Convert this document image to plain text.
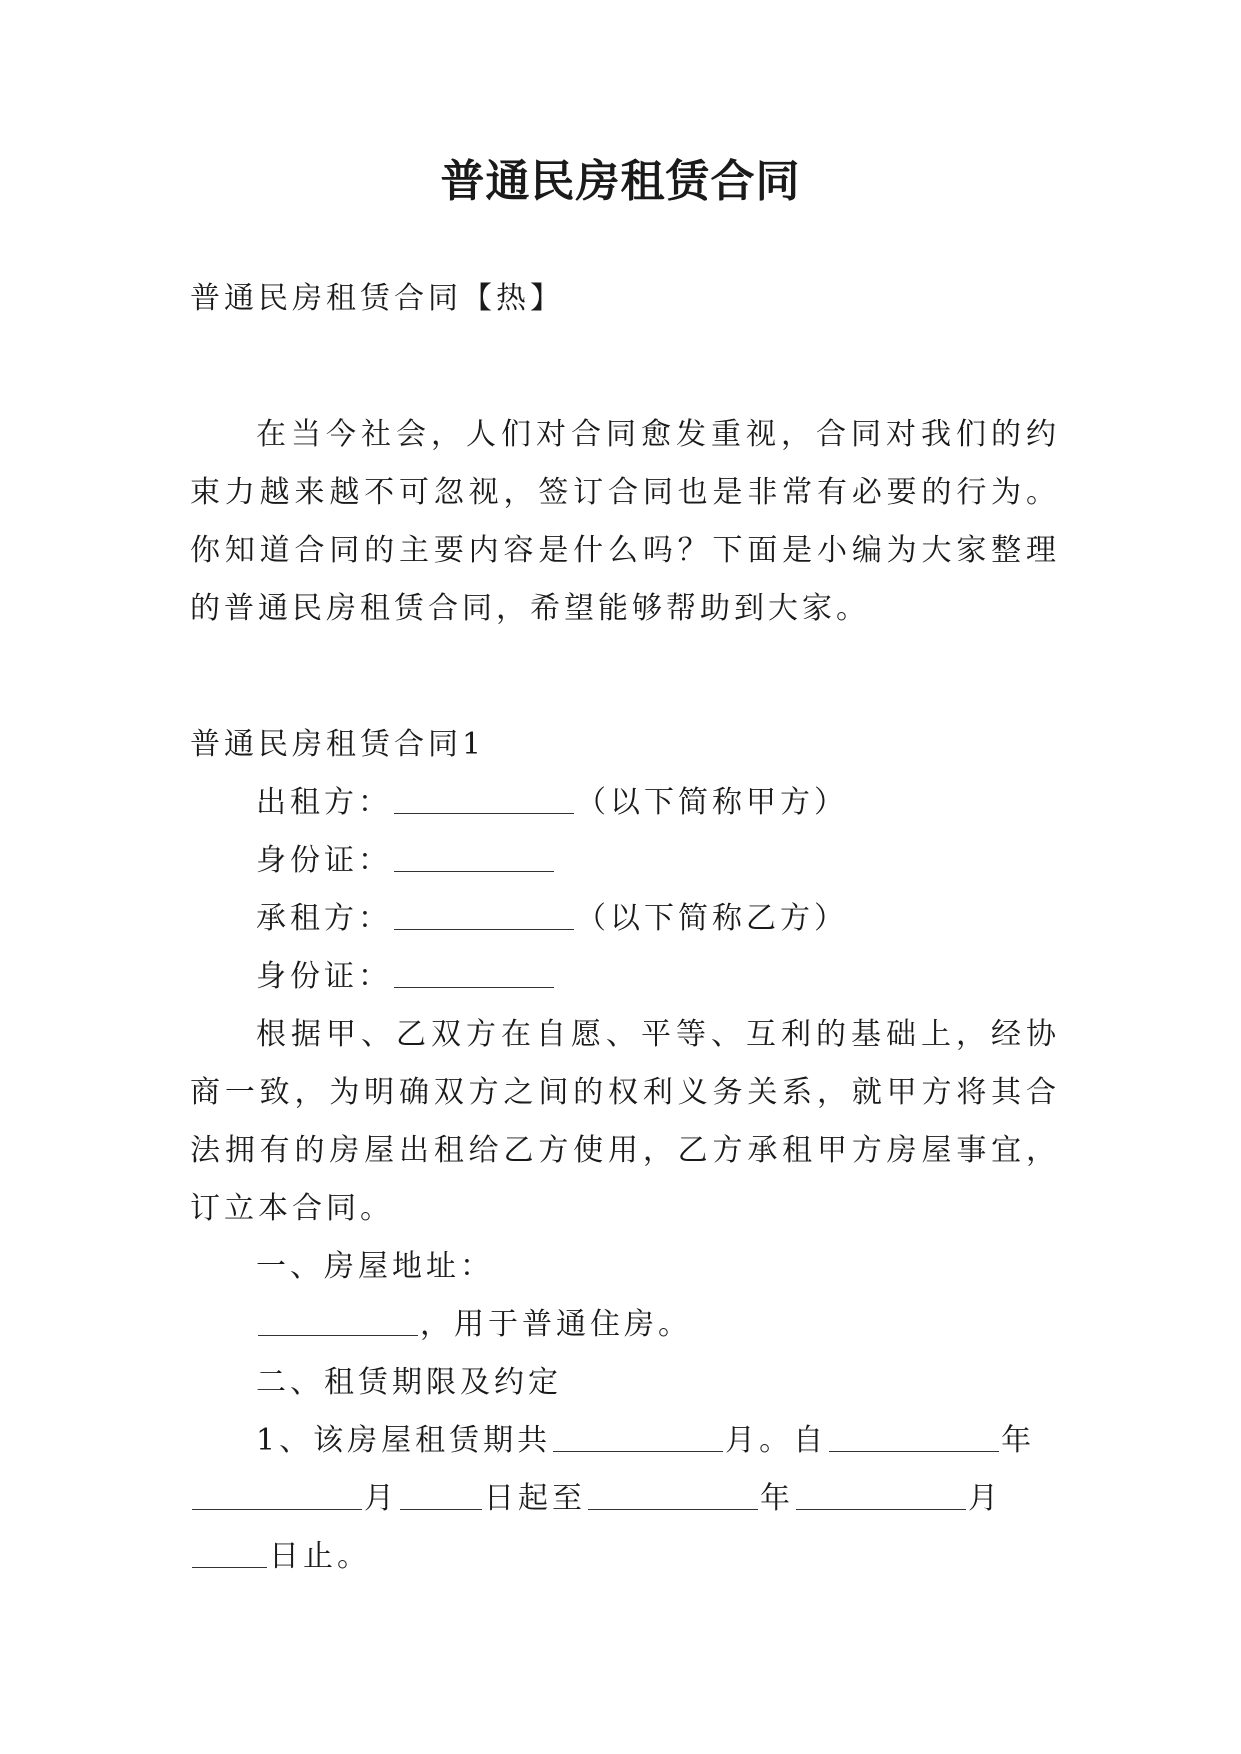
普通民房租赁合同
普通民房租赁合同【热】
在当今社会，人们对合同愈发重视，合同对我们的约束力越来越不可忽视，签订合同也是非常有必要的行为。你知道合同的主要内容是什么吗？下面是小编为大家整理的普通民房租赁合同，希望能够帮助到大家。
普通民房租赁合同1
出租方：	（以下简称甲方）
身份证：
承租方：	（以下简称乙方）
身份证：
根据甲、乙双方在自愿、平等、互利的基础上，经协商一致，为明确双方之间的权利义务关系，就甲方将其合法拥有的房屋出租给乙方使用，乙方承租甲方房屋事宜，订立本合同。
一、房屋地址：
，用于普通住房。
二、租赁期限及约定
1、该房屋租赁期共	月。自	年
月	日起至	年	月
日止。
